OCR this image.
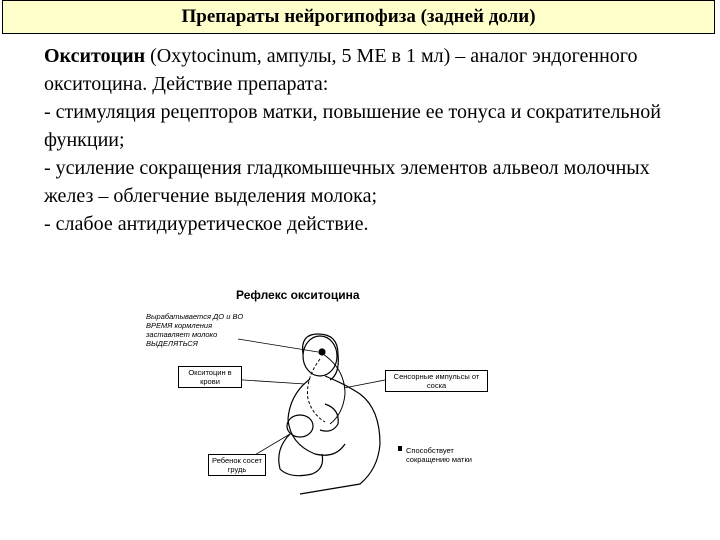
Препараты нейрогипофиза (задней доли)

Окситоцин (Oxytocinum, ампулы, 5 МЕ в 1 мл) – аналог эндогенного окситоцина. Действие препарата:

- стимуляция рецепторов матки, повышение ее тонуса и сократительной функции;

- усиление сокращения гладкомышечных элементов альвеол молочных желез – облегчение выделения молока;

- слабое антидиуретическое действие.

Рефлекс окситоцина
Вырабатывается ДО и ВО ВРЕМЯ кормления заставляет молоко ВЫДЕЛЯТЬСЯ
Окситоцин в крови
Сенсорные импульсы от соска
Ребенок сосет грудь
Способствует сокращению матки
